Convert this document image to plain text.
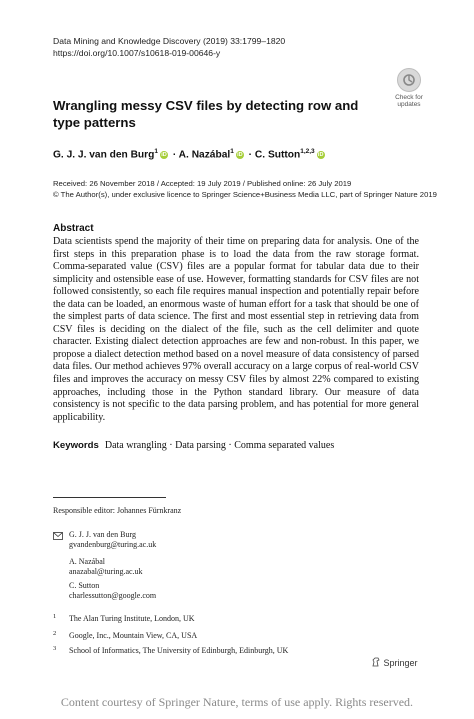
Data Mining and Knowledge Discovery (2019) 33:1799–1820
https://doi.org/10.1007/s10618-019-00646-y
Check for
updates
Wrangling messy CSV files by detecting row and type patterns
G. J. J. van den Burg$^1$iD · A. Nazábal$^1$iD · C. Sutton$^{1,2,3}$iD
Received: 26 November 2018 / Accepted: 19 July 2019 / Published online: 26 July 2019
© The Author(s), under exclusive licence to Springer Science+Business Media LLC, part of Springer Nature 2019
Abstract
Data scientists spend the majority of their time on preparing data for analysis. One of the first steps in this preparation phase is to load the data from the raw storage format. Comma-separated value (CSV) files are a popular format for tabular data due to their simplicity and ostensible ease of use. However, formatting standards for CSV files are not followed consistently, so each file requires manual inspection and potentially repair before the data can be loaded, an enormous waste of human effort for a task that should be one of the simplest parts of data science. The first and most essential step in retrieving data from CSV files is deciding on the dialect of the file, such as the cell delimiter and quote character. Existing dialect detection approaches are few and non-robust. In this paper, we propose a dialect detection method based on a novel measure of data consistency of parsed data files. Our method achieves 97% overall accuracy on a large corpus of real-world CSV files and improves the accuracy on messy CSV files by almost 22% compared to existing approaches, including those in the Python standard library. Our measure of data consistency is not specific to the data parsing problem, and has potential for more general applicability.
Keywords Data wrangling · Data parsing · Comma separated values
Responsible editor: Johannes Fürnkranz
G. J. J. van den Burg
gvandenburg@turing.ac.uk
A. Nazábal
anazabal@turing.ac.uk
C. Sutton
charlessutton@google.com
1 The Alan Turing Institute, London, UK
2 Google, Inc., Mountain View, CA, USA
3 School of Informatics, The University of Edinburgh, Edinburgh, UK
Springer
Content courtesy of Springer Nature, terms of use apply. Rights reserved.
